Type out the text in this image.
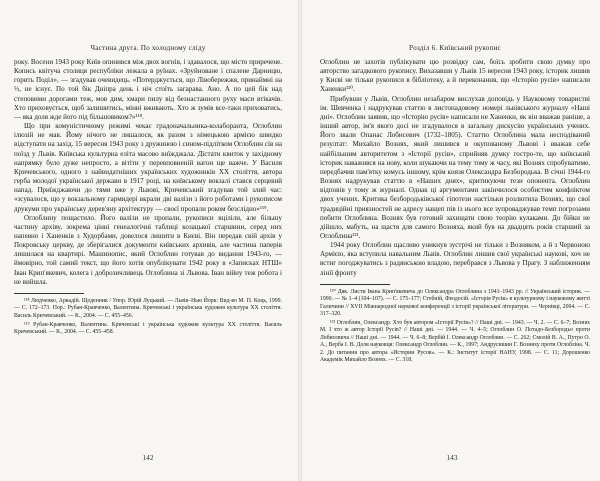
Частина друга. По холодному сліду

року. Восени 1943 року Київ опинився між двох вогнів, і здавалося, що місто приречене. Копись квітуча столиця республіки лежала в руїнах. «Зруйноване і спалене Дарницю, горить Поділ», — згадував очевидець. «Потерджується, що Лівобережжя, принаймні на ⅓, не існує. По той бік Дніпра день і ніч стоїть загарава. Ано. А по цей бік над степовими дорогами теж, мов дим, хмари пилу від безнастанного руху маси втікачів. Хто приховується, щоб залишитись, мінні вживають. Хто ж зумів все-таки приховатись, — яка доля жде його під більшовиком?»¹¹⁸.

Що при комуністичному режимі чекає градоначальника-колаборанта, Оглоблин ілюзій не мав. Йому нічого не лишалося, як разом з німецькою армією швидко відступати на захід. 15 вересня 1943 року з дружиною і сином-підлітком Оглоблин сів на поїзд у Львів. Київська культурна еліта масово виїжджала. Дістати квиток у західному напрямку було дуже непросто, а вітіти у перевповненій вагон ще важче. У Василя Кричевського, одного з найвидатніших українських художників ХХ століття, автора герба молодої української держави в 1917 році, на київському вокзалі стався серцевий напад. Приїжджаючи до тями вже у Львові, Кричевський згадував той злий час: «зсувалося, що у вокзальному гармидері вкрали дві валізи з його роботами і рукописом друкуми про українську дерев'яну архітектуру — своєї пропали роком безслідно»¹¹⁹.

Оглоблину пощастило. Його валізи не пропали, рукописи вціліли, але більшу частину архіву, зокрема цінні генеалогічні таблиці козацької старшини, серед них напевно і Ханенків з Худорбами, довелося лишити в Києві. Він передав свій архів у Покровську церкву, де зберігалися документи київських архивів, але частина паперів лишилася на квартирі. Машинопис, який Оглоблин готував до видання 1943-го, — ймовірно, той самий текст, що його хотів опублікувати 1942 року в «Записках НТШ» Іван Крип'якевич, колега і доброзичливець Оглоблина зі Львова. Іван війну теж робота і не вийшла.

¹¹⁸ Людченко, Аркадій. Щоденник / Упор. Юрій Луцький. — Львів–Нью Йорк: Вид-во М. П. Коць, 1999. — С. 172–173. Пор.: Рубан-Кравченко, Валентина. Кричевські і українська художня культура ХХ століття. Василь Кричевський. — К., 2004. — С. 455–456.

¹¹⁹ Рубан-Кравченко, Валентина. Кричевські і українська художня культура ХХ століття. Василь Кричевський. — К., 2004. — С. 455–458.

142
Розділ 6. Київський рукопис

Оглоблин не захотів публікувати цю розвідку сам, боїсь зробити свою думку про авторство загадкового рукопису. Вихазавши у Львів 15 вересня 1943 року, історик лишив у Києві не тільки рукописи в бібліотеку, а й переконання, що «Історію русів» написали Ханенки¹²⁰.

Прибувши у Львів, Оглоблин незабаром вислухав доповідь у Науковому товаристві ім. Шевченка і надрукував статтю в листопадовому номері львівського журналу «Наші дні». Оглоблин заявив, що «Історію русів» написали не Ханенки, як він вважав раніше, а інший автор, ім'я якого досі не згадувалося в загальну дискусію українських учених. Його звали Опанас Лобисевич (1732–1805). Статтю Оглоблина мала несподіваний резултат: Михайло Вознях, який лишився в окупованому Львові і вважав себе найбільшим авторитетом з «Історії русів», сприйняв думку гостро-те, що київський історик наважився на нову, коли шукаючи на тему тому ж часу, які Вознях спробуватиме, передбачив пам'ятку комусь іншому, крім князя Олександра Безбородька. В січні 1944-го Вознях надрукував статтю в «Наших днях», критикуючи тези опонента. Оглоблин відповів у тому ж журналі. Однак ці аргументами закінчилося особистим конфліктом двох учених. Критика безбородьківської гіпотези настільки розлютила Вознях, що свої традиційні приязностей не адресу нащеп пів із нього все зупроваджував темп погрозами побити Оглоблина. Вознях був готовий захищати свою теорію кулаками. До бійки не дійшло, мабуть, на щастя для самого Возняха, який був на двадцять років старший за Оглоблина¹²¹.

1944 року Оглоблин щасливо уникнув зустрічі не тільки з Возняком, а й з Червоною Армією, яка вступила навальним Львів. Оглоблин лишив свої українські наукові, хоч не встиг погоджуватись з радянською владою, перебрався з Львова у Прагу. З наближенням лінії фронту

¹²⁰ Дяк. Листи Івана Крип'якевича до Олександра Оглоблина з 1941–1943 рр. // Український історик. — 1990. — № 1–4 (104–107). — С. 175–177; Стебній, Феодосій. «Історія Русів» в культурному і науковому житті Галичини // XVII Міжнародної наукової конференції з історії української літератури. — Чернівці, 2004. — С. 317–320.

¹²¹ Оглоблин, Олександр. Хто був автором «Історії Русів»? // Наші дні. — 1943. — Ч. 2. — С. 6–7; Вознях М. І хто ж автор Історії Русів? // Наші дні. — 1944. — Ч. 4–5; Оглоблин О. Потадо-Безбородьо проти Лобисевича // Наші дні. — 1944. — Ч. 6–8; Вербій І. Олександр Оглоблин. — С. 262; Смолій В. А., Путро О. А., Верба І. В. Доля науковця: Олександр Оглоблин. — К., 1997; Андрусишин Г. Возняху проти Оглобліна. Ч. 2. До питання про автора «Истории Русов». — К.: Інститут історії НАНУ, 1998. — С. 11; Дорошенко Академік Михайло Вознях. — С. 318.

143
